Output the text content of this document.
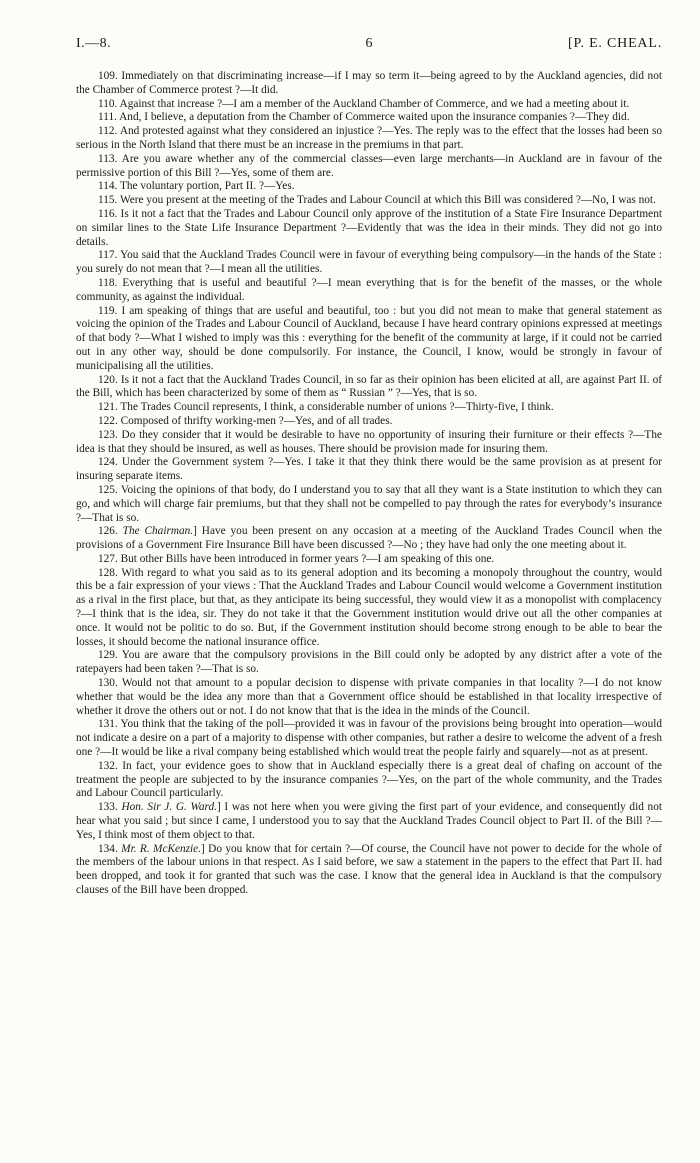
I.—8.	6	[P. E. CHEAL.

109. Immediately on that discriminating increase—if I may so term it—being agreed to by the Auckland agencies, did not the Chamber of Commerce protest ?—It did.

110. Against that increase ?—I am a member of the Auckland Chamber of Commerce, and we had a meeting about it.

111. And, I believe, a deputation from the Chamber of Commerce waited upon the insurance companies ?—They did.

112. And protested against what they considered an injustice ?—Yes. The reply was to the effect that the losses had been so serious in the North Island that there must be an increase in the premiums in that part.

113. Are you aware whether any of the commercial classes—even large merchants—in Auckland are in favour of the permissive portion of this Bill ?—Yes, some of them are.

114. The voluntary portion, Part II. ?—Yes.

115. Were you present at the meeting of the Trades and Labour Council at which this Bill was considered ?—No, I was not.

116. Is it not a fact that the Trades and Labour Council only approve of the institution of a State Fire Insurance Department on similar lines to the State Life Insurance Department ?—Evidently that was the idea in their minds. They did not go into details.

117. You said that the Auckland Trades Council were in favour of everything being compulsory—in the hands of the State : you surely do not mean that ?—I mean all the utilities.

118. Everything that is useful and beautiful ?—I mean everything that is for the benefit of the masses, or the whole community, as against the individual.

119. I am speaking of things that are useful and beautiful, too : but you did not mean to make that general statement as voicing the opinion of the Trades and Labour Council of Auckland, because I have heard contrary opinions expressed at meetings of that body ?—What I wished to imply was this : everything for the benefit of the community at large, if it could not be carried out in any other way, should be done compulsorily. For instance, the Council, I know, would be strongly in favour of municipalising all the utilities.

120. Is it not a fact that the Auckland Trades Council, in so far as their opinion has been elicited at all, are against Part II. of the Bill, which has been characterized by some of them as “ Russian ” ?—Yes, that is so.

121. The Trades Council represents, I think, a considerable number of unions ?—Thirty-five, I think.

122. Composed of thrifty working-men ?—Yes, and of all trades.

123. Do they consider that it would be desirable to have no opportunity of insuring their furniture or their effects ?—The idea is that they should be insured, as well as houses. There should be provision made for insuring them.

124. Under the Government system ?—Yes. I take it that they think there would be the same provision as at present for insuring separate items.

125. Voicing the opinions of that body, do I understand you to say that all they want is a State institution to which they can go, and which will charge fair premiums, but that they shall not be compelled to pay through the rates for everybody’s insurance ?—That is so.

126. The Chairman.] Have you been present on any occasion at a meeting of the Auckland Trades Council when the provisions of a Government Fire Insurance Bill have been discussed ?—No ; they have had only the one meeting about it.

127. But other Bills have been introduced in former years ?—I am speaking of this one.

128. With regard to what you said as to its general adoption and its becoming a monopoly throughout the country, would this be a fair expression of your views : That the Auckland Trades and Labour Council would welcome a Government institution as a rival in the first place, but that, as they anticipate its being successful, they would view it as a monopolist with complacency ?—I think that is the idea, sir. They do not take it that the Government institution would drive out all the other companies at once. It would not be politic to do so. But, if the Government institution should become strong enough to be able to bear the losses, it should become the national insurance office.

129. You are aware that the compulsory provisions in the Bill could only be adopted by any district after a vote of the ratepayers had been taken ?—That is so.

130. Would not that amount to a popular decision to dispense with private companies in that locality ?—I do not know whether that would be the idea any more than that a Government office should be established in that locality irrespective of whether it drove the others out or not. I do not know that that is the idea in the minds of the Council.

131. You think that the taking of the poll—provided it was in favour of the provisions being brought into operation—would not indicate a desire on a part of a majority to dispense with other companies, but rather a desire to welcome the advent of a fresh one ?—It would be like a rival company being established which would treat the people fairly and squarely—not as at present.

132. In fact, your evidence goes to show that in Auckland especially there is a great deal of chafing on account of the treatment the people are subjected to by the insurance companies ?—Yes, on the part of the whole community, and the Trades and Labour Council particularly.

133. Hon. Sir J. G. Ward.] I was not here when you were giving the first part of your evidence, and consequently did not hear what you said ; but since I came, I understood you to say that the Auckland Trades Council object to Part II. of the Bill ?—Yes, I think most of them object to that.

134. Mr. R. McKenzie.] Do you know that for certain ?—Of course, the Council have not power to decide for the whole of the members of the labour unions in that respect. As I said before, we saw a statement in the papers to the effect that Part II. had been dropped, and took it for granted that such was the case. I know that the general idea in Auckland is that the compulsory clauses of the Bill have been dropped.
